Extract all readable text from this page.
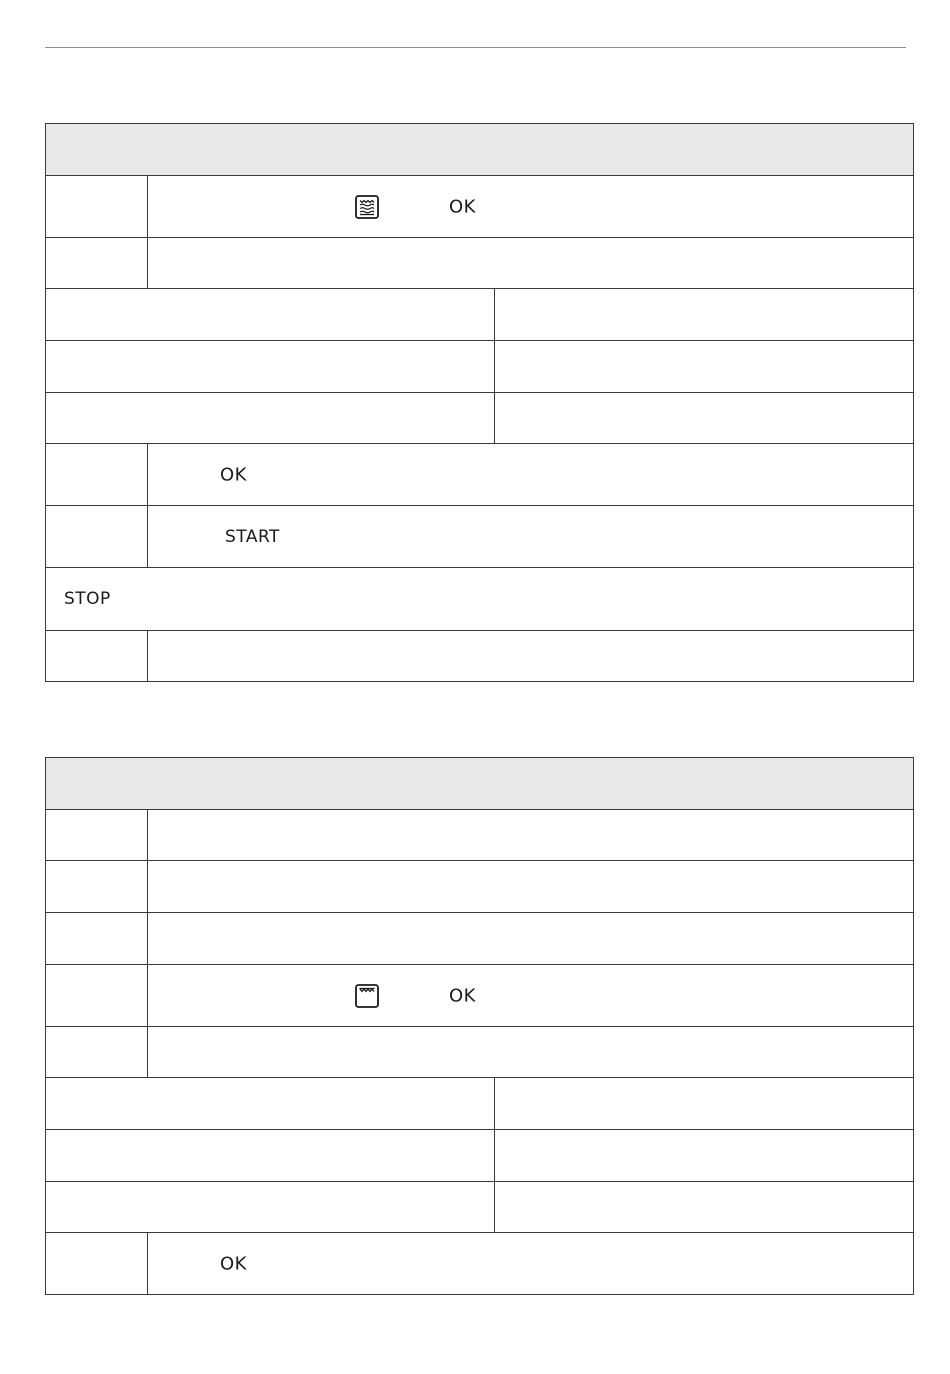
	OK	

	OK	

	START	

STOP		

	OK	

	OK	
